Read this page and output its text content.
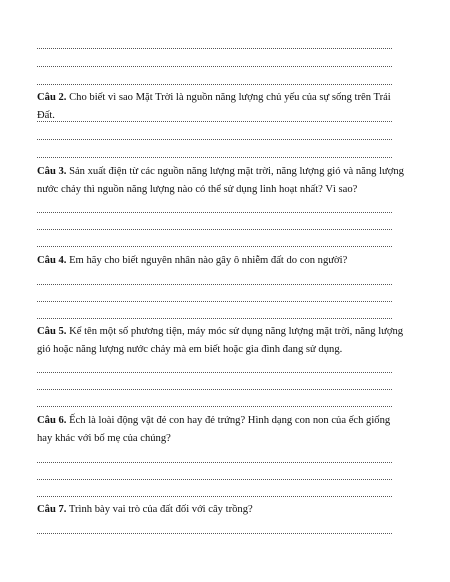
Câu 2. Cho biết vì sao Mặt Trời là nguồn năng lượng chủ yếu của sự sống trên Trái Đất.
Câu 3. Sản xuất điện từ các nguồn năng lượng mặt trời, năng lượng gió và năng lượng nước chảy thì nguồn năng lượng nào có thể sử dụng linh hoạt nhất? Vì sao?
Câu 4. Em hãy cho biết nguyên nhân nào gây ô nhiễm đất do con người?
Câu 5. Kể tên một số phương tiện, máy móc sử dụng năng lượng mặt trời, năng lượng gió hoặc năng lượng nước chảy mà em biết hoặc gia đình đang sử dụng.
Câu 6. Ếch là loài động vật đẻ con hay đẻ trứng? Hình dạng con non của ếch giống hay khác với bố mẹ của chúng?
Câu 7. Trình bày vai trò của đất đối với cây trồng?
